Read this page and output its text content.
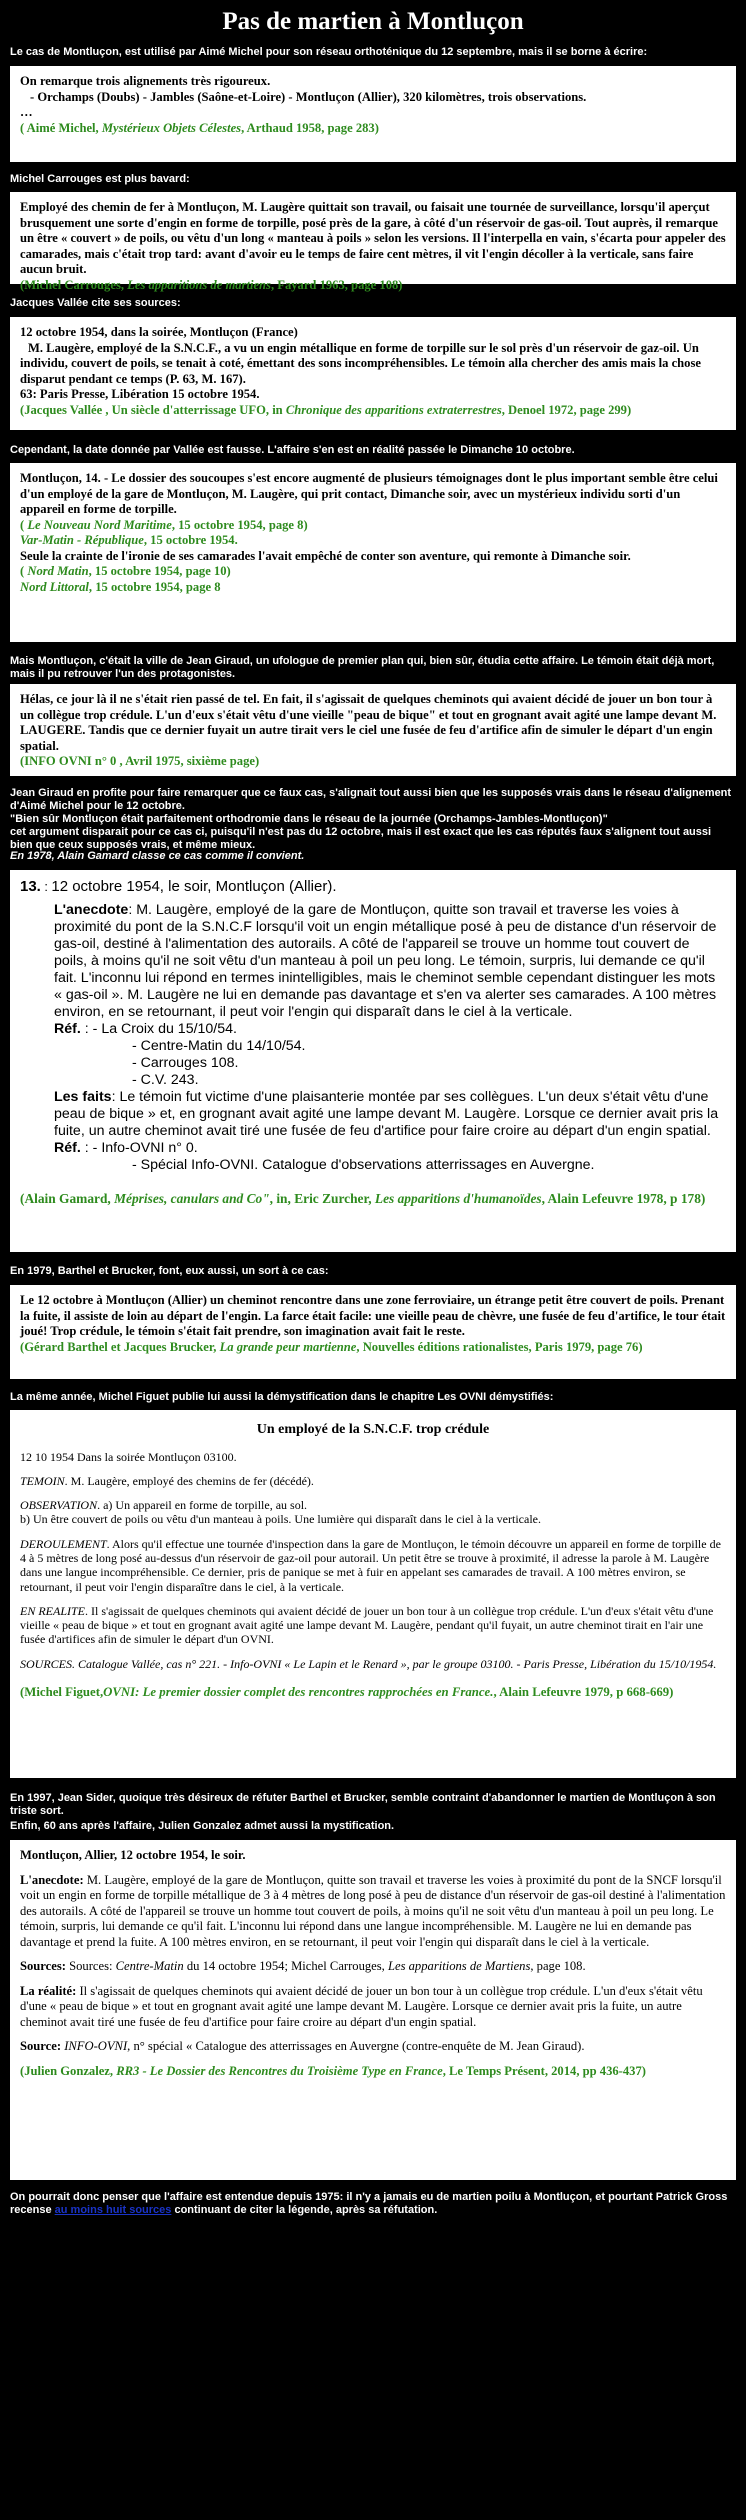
Pas de martien à Montluçon
Le cas de Montluçon, est utilisé par Aimé Michel pour son réseau orthoténique du 12 septembre, mais il se borne à écrire:

On remarque trois alignements très rigoureux.

- Orchamps (Doubs) - Jambles (Saône-et-Loire) - Montluçon (Allier), 320 kilomètres, trois observations.

…

( Aimé Michel, Mystérieux Objets Célestes, Arthaud 1958, page 283)

Michel Carrouges est plus bavard:

Employé des chemin de fer à Montluçon, M. Laugère quittait son travail, ou faisait une tournée de surveillance, lorsqu'il aperçut brusquement une sorte d'engin en forme de torpille, posé près de la gare, à côté d'un réservoir de gas-oil. Tout auprès, il remarque un être « couvert » de poils, ou vêtu d'un long « manteau à poils » selon les versions. Il l'interpella en vain, s'écarta pour appeler des camarades, mais c'était trop tard: avant d'avoir eu le temps de faire cent mètres, il vit l'engin décoller à la verticale, sans faire aucun bruit.

(Michel Carrouges, Les apparitions de martiens, Fayard 1963, page 108)

Jacques Vallée cite ses sources:

12 octobre 1954, dans la soirée, Montluçon (France)

M. Laugère, employé de la S.N.C.F., a vu un engin métallique en forme de torpille sur le sol près d'un réservoir de gaz-oil. Un individu, couvert de poils, se tenait à coté, émettant des sons incompréhensibles. Le témoin alla chercher des amis mais la chose disparut pendant ce temps (P. 63, M. 167).

63: Paris Presse, Libération 15 octobre 1954.

(Jacques Vallée , Un siècle d'atterrissage UFO, in Chronique des apparitions extraterrestres, Denoel 1972, page 299)

Cependant, la date donnée par Vallée est fausse. L'affaire s'en est en réalité passée le Dimanche 10 octobre.

Montluçon, 14. - Le dossier des soucoupes s'est encore augmenté de plusieurs témoignages dont le plus important semble être celui d'un employé de la gare de Montluçon, M. Laugère, qui prit contact, Dimanche soir, avec un mystérieux individu sorti d'un appareil en forme de torpille.

( Le Nouveau Nord Maritime, 15 octobre 1954, page 8)

Var-Matin - République, 15 octobre 1954.

Seule la crainte de l'ironie de ses camarades l'avait empêché de conter son aventure, qui remonte à Dimanche soir.

( Nord Matin, 15 octobre 1954, page 10)

Nord Littoral, 15 octobre 1954, page 8

Mais Montluçon, c'était la ville de Jean Giraud, un ufologue de premier plan qui, bien sûr, étudia cette affaire. Le témoin était déjà mort, mais il pu retrouver l'un des protagonistes.

Hélas, ce jour là il ne s'était rien passé de tel. En fait, il s'agissait de quelques cheminots qui avaient décidé de jouer un bon tour à un collègue trop crédule. L'un d'eux s'était vêtu d'une vieille "peau de bique" et tout en grognant avait agité une lampe devant M. LAUGERE. Tandis que ce dernier fuyait un autre tirait vers le ciel une fusée de feu d'artifice afin de simuler le départ d'un engin spatial.

(INFO OVNI n° 0 , Avril 1975, sixième page)

Jean Giraud en profite pour faire remarquer que ce faux cas, s'alignait tout aussi bien que les supposés vrais dans le réseau d'alignement d'Aimé Michel pour le 12 octobre.
"Bien sûr Montluçon était parfaitement orthodromie dans le réseau de la journée (Orchamps-Jambles-Montluçon)"
cet argument disparait pour ce cas ci, puisqu'il n'est pas du 12 octobre, mais il est exact que les cas réputés faux s'alignent tout aussi bien que ceux supposés vrais, et même mieux.
En 1978, Alain Gamard classe ce cas comme il convient.
13. : 12 octobre 1954, le soir, Montluçon (Allier).
L'anecdote: M. Laugère, employé de la gare de Montluçon, quitte son travail et traverse les voies à proximité du pont de la S.N.C.F lorsqu'il voit un engin métallique posé à peu de distance d'un réservoir de gas-oil, destiné à l'alimentation des autorails. A côté de l'appareil se trouve un homme tout couvert de poils, à moins qu'il ne soit vêtu d'un manteau à poil un peu long. Le témoin, surpris, lui demande ce qu'il fait. L'inconnu lui répond en termes inintelligibles, mais le cheminot semble cependant distinguer les mots « gas-oil ». M. Laugère ne lui en demande pas davantage et s'en va alerter ses camarades. A 100 mètres environ, en se retournant, il peut voir l'engin qui disparaît dans le ciel à la verticale.
Réf. : - La Croix du 15/10/54.
- Centre-Matin du 14/10/54.
- Carrouges 108.
- C.V. 243.
Les faits: Le témoin fut victime d'une plaisanterie montée par ses collègues. L'un deux s'était vêtu d'une peau de bique » et, en grognant avait agité une lampe devant M. Laugère. Lorsque ce dernier avait pris la fuite, un autre cheminot avait tiré une fusée de feu d'artifice pour faire croire au départ d'un engin spatial.
Réf. : - Info-OVNI n° 0.
- Spécial Info-OVNI. Catalogue d'observations atterrissages en Auvergne.

(Alain Gamard, Méprises, canulars and Co", in, Eric Zurcher, Les apparitions d'humanoïdes, Alain Lefeuvre 1978, p 178)

En 1979, Barthel et Brucker, font, eux aussi, un sort à ce cas:

Le 12 octobre à Montluçon (Allier) un cheminot rencontre dans une zone ferroviaire, un étrange petit être couvert de poils. Prenant la fuite, il assiste de loin au départ de l'engin. La farce était facile: une vieille peau de chèvre, une fusée de feu d'artifice, le tour était joué! Trop crédule, le témoin s'était fait prendre, son imagination avait fait le reste.

(Gérard Barthel et Jacques Brucker, La grande peur martienne, Nouvelles éditions rationalistes, Paris 1979, page 76)

La même année, Michel Figuet publie lui aussi la démystification dans le chapitre Les OVNI démystifiés:
Un employé de la S.N.C.F. trop crédule

12 10 1954 Dans la soirée Montluçon 03100.

TEMOIN. M. Laugère, employé des chemins de fer (décédé).

OBSERVATION. a) Un appareil en forme de torpille, au sol.
b) Un être couvert de poils ou vêtu d'un manteau à poils. Une lumière qui disparaît dans le ciel à la verticale.

DEROULEMENT. Alors qu'il effectue une tournée d'inspection dans la gare de Montluçon, le témoin découvre un appareil en forme de torpille de 4 à 5 mètres de long posé au-dessus d'un réservoir de gaz-oil pour autorail. Un petit être se trouve à proximité, il adresse la parole à M. Laugère dans une langue incompréhensible. Ce dernier, pris de panique se met à fuir en appelant ses camarades de travail. A 100 mètres environ, se retournant, il peut voir l'engin disparaître dans le ciel, à la verticale.

EN REALITE. Il s'agissait de quelques cheminots qui avaient décidé de jouer un bon tour à un collègue trop crédule. L'un d'eux s'était vêtu d'une vieille « peau de bique » et tout en grognant avait agité une lampe devant M. Laugère, pendant qu'il fuyait, un autre cheminot tirait en l'air une fusée d'artifices afin de simuler le départ d'un OVNI.

SOURCES. Catalogue Vallée, cas n° 221. - Info-OVNI « Le Lapin et le Renard », par le groupe 03100. - Paris Presse, Libération du 15/10/1954.

(Michel Figuet,OVNI: Le premier dossier complet des rencontres rapprochées en France., Alain Lefeuvre 1979, p 668-669)

En 1997, Jean Sider, quoique très désireux de réfuter Barthel et Brucker, semble contraint d'abandonner le martien de Montluçon à son triste sort.
Enfin, 60 ans après l'affaire, Julien Gonzalez admet aussi la mystification.

Montluçon, Allier, 12 octobre 1954, le soir.

L'anecdote: M. Laugère, employé de la gare de Montluçon, quitte son travail et traverse les voies à proximité du pont de la SNCF lorsqu'il voit un engin en forme de torpille métallique de 3 à 4 mètres de long posé à peu de distance d'un réservoir de gas-oil destiné à l'alimentation des autorails. A côté de l'appareil se trouve un homme tout couvert de poils, à moins qu'il ne soit vêtu d'un manteau à poil un peu long. Le témoin, surpris, lui demande ce qu'il fait. L'inconnu lui répond dans une langue incompréhensible. M. Laugère ne lui en demande pas davantage et prend la fuite. A 100 mètres environ, en se retournant, il peut voir l'engin qui disparaît dans le ciel à la verticale.

Sources: Sources: Centre-Matin du 14 octobre 1954; Michel Carrouges, Les apparitions de Martiens, page 108.

La réalité: Il s'agissait de quelques cheminots qui avaient décidé de jouer un bon tour à un collègue trop crédule. L'un d'eux s'était vêtu d'une « peau de bique » et tout en grognant avait agité une lampe devant M. Laugère. Lorsque ce dernier avait pris la fuite, un autre cheminot avait tiré une fusée de feu d'artifice pour faire croire au départ d'un engin spatial.

Source: INFO-OVNI, n° spécial « Catalogue des atterrissages en Auvergne (contre-enquête de M. Jean Giraud).

(Julien Gonzalez, RR3 - Le Dossier des Rencontres du Troisième Type en France, Le Temps Présent, 2014, pp 436-437)

On pourrait donc penser que l'affaire est entendue depuis 1975: il n'y a jamais eu de martien poilu à Montluçon, et pourtant Patrick Gross recense au moins huit sources continuant de citer la légende, après sa réfutation.
